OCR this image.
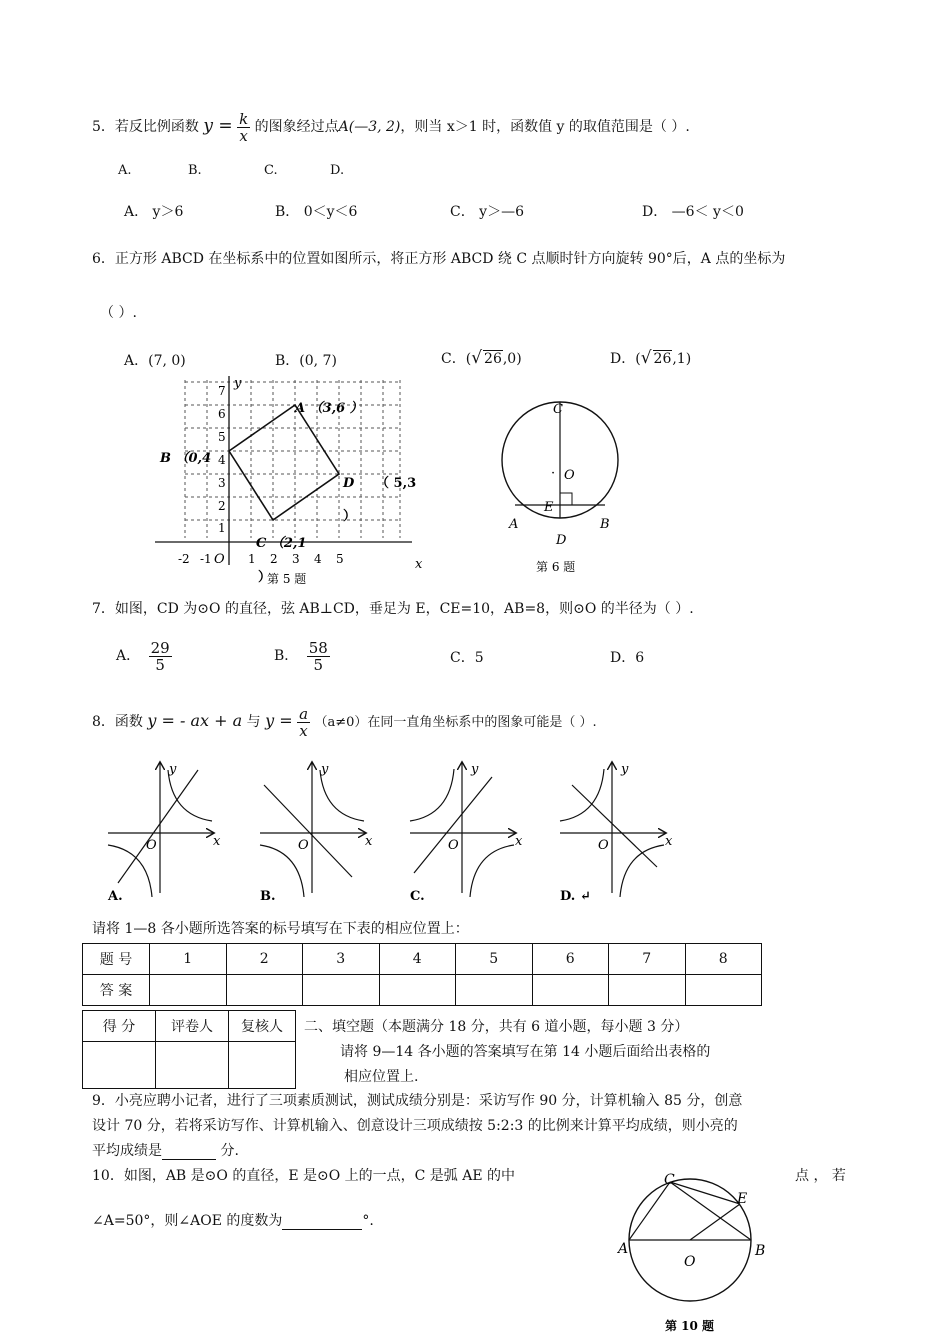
5．若反比例函数 $y = \frac{k}{x}$ 的图象经过点A(—3, 2)，则当 x＞1 时，函数值 y 的取值范围是（ ）.
A.	B.	C.	D.
A． y＞6	B． 0＜y＜6	C． y＞—6	D． —6＜ y＜0
6．正方形 ABCD 在坐标系中的位置如图所示，将正方形 ABCD 绕 C 点顺时针方向旋转 90°后，A 点的坐标为
（ ）.
A．(7, 0)	B．(0, 7)	C．(√ 26,0)	D．(√ 26,1)
y
x
O
7
6
5
4
3
2
1
-2 -1	1 2 3 4 5
A （3,6 ）
B （0,4
D （ 5,3
）
C （2,1
）
第 5 题
C
· O
E
A	B
D
第 6 题
7．如图，CD 为⊙O 的直径，弦 AB⊥CD，垂足为 E，CE=10，AB=8，则⊙O 的半径为（ ）.
A． $\frac{29}{5}$	B． $\frac{58}{5}$	C．5	D．6
8．函数 y = - ax + a 与 $y = \frac{a}{x} (a\ne 0)$在同一直角坐标系中的图象可能是（ ）.
y
x
O
A.
y
x
O
B.
y
x
O
C.
y
x
O
D. ↵
请将 1—8 各小题所选答案的标号填写在下表的相应位置上：
题 号	1	2	3	4	5	6	7	8
答 案								
得 分	评卷人	复核人
		二、填空题（本题满分 18 分，共有 6 道小题，每小题 3 分）
请将 9—14 各小题的答案填写在第 14 小题后面给出表格的
相应位置上.
9．小亮应聘小记者，进行了三项素质测试，测试成绩分别是：采访写作 90 分，计算机输入 85 分，创意
设计 70 分，若将采访写作、计算机输入、创意设计三项成绩按 5:2:3 的比例来计算平均成绩，则小亮的
平均成绩是	分.
10．如图，AB 是⊙O 的直径，E 是⊙O 上的一点，C 是弧 AE 的中	点 ， 若
∠A=50°，则∠AOE 的度数为	°.
C
E
A	B
O
第 10 题
